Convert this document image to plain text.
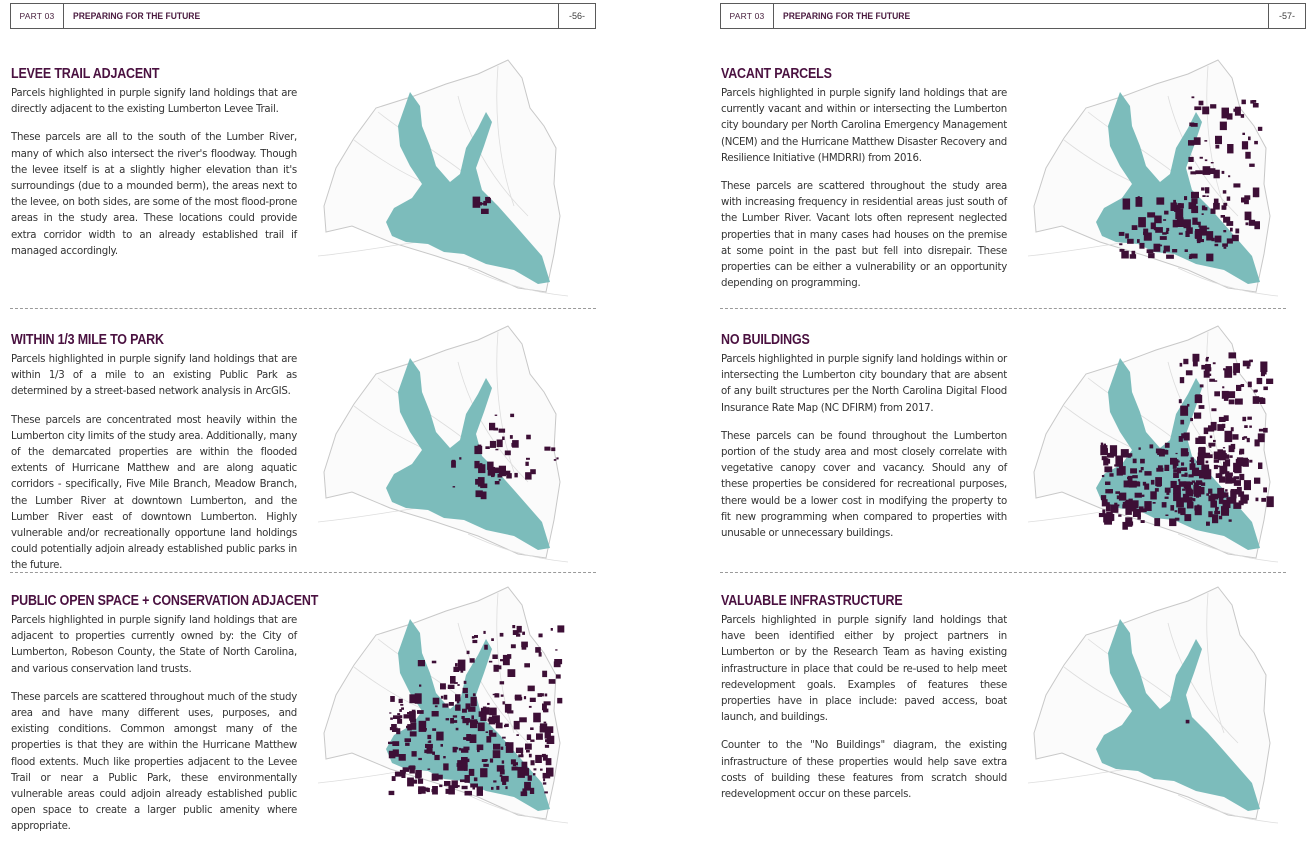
PART 03	PREPARING FOR THE FUTURE	-56-
LEVEE TRAIL ADJACENT

Parcels highlighted in purple signify land holdings that are directly adjacent to the existing Lumberton Levee Trail.

These parcels are all to the south of the Lumber River, many of which also intersect the river's floodway. Though the levee itself is at a slightly higher elevation than it's surroundings (due to a mounded berm), the areas next to the levee, on both sides, are some of the most flood-prone areas in the study area. These locations could provide extra corridor width to an already established trail if managed accordingly.

WITHIN 1/3 MILE TO PARK

Parcels highlighted in purple signify land holdings that are within 1/3 of a mile to an existing Public Park as determined by a street-based network analysis in ArcGIS.

These parcels are concentrated most heavily within the Lumberton city limits of the study area. Additionally, many of the demarcated properties are within the flooded extents of Hurricane Matthew and are along aquatic corridors - specifically, Five Mile Branch, Meadow Branch, the Lumber River at downtown Lumberton, and the Lumber River east of downtown Lumberton. Highly vulnerable and/or recreationally opportune land holdings could potentially adjoin already established public parks in the future.

PUBLIC OPEN SPACE + CONSERVATION ADJACENT

Parcels highlighted in purple signify land holdings that are adjacent to properties currently owned by: the City of Lumberton, Robeson County, the State of North Carolina, and various conservation land trusts.

These parcels are scattered throughout much of the study area and have many different uses, purposes, and existing conditions. Common amongst many of the properties is that they are within the Hurricane Matthew flood extents. Much like properties adjacent to the Levee Trail or near a Public Park, these environmentally vulnerable areas could adjoin already established public open space to create a larger public amenity where appropriate.

PART 03	PREPARING FOR THE FUTURE	-57-
VACANT PARCELS

Parcels highlighted in purple signify land holdings that are currently vacant and within or intersecting the Lumberton city boundary per North Carolina Emergency Management (NCEM) and the Hurricane Matthew Disaster Recovery and Resilience Initiative (HMDRRI) from 2016.

These parcels are scattered throughout the study area with increasing frequency in residential areas just south of the Lumber River. Vacant lots often represent neglected properties that in many cases had houses on the premise at some point in the past but fell into disrepair. These properties can be either a vulnerability or an opportunity depending on programming.

NO BUILDINGS

Parcels highlighted in purple signify land holdings within or intersecting the Lumberton city boundary that are absent of any built structures per the North Carolina Digital Flood Insurance Rate Map (NC DFIRM) from 2017.

These parcels can be found throughout the Lumberton portion of the study area and most closely correlate with vegetative canopy cover and vacancy. Should any of these properties be considered for recreational purposes, there would be a lower cost in modifying the property to fit new programming when compared to properties with unusable or unnecessary buildings.

VALUABLE INFRASTRUCTURE

Parcels highlighted in purple signify land holdings that have been identified either by project partners in Lumberton or by the Research Team as having existing infrastructure in place that could be re-used to help meet redevelopment goals. Examples of features these properties have in place include: paved access, boat launch, and buildings.

Counter to the "No Buildings" diagram, the existing infrastructure of these properties would help save extra costs of building these features from scratch should redevelopment occur on these parcels.
